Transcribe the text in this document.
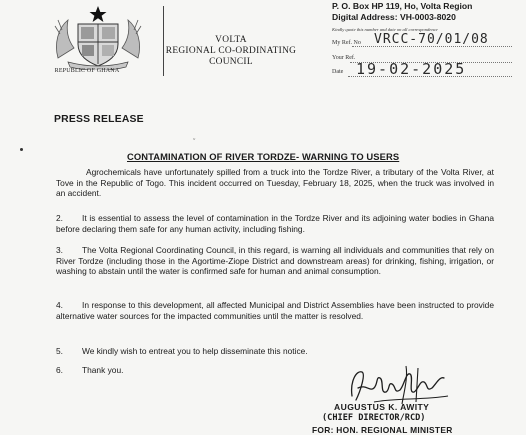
REPUBLIC OF GHANA
VOLTA
REGIONAL CO-ORDINATING
COUNCIL
P. O. Box HP 119, Ho, Volta Region
Digital Address: VH-0003-8020
Kindly quote this number and date on all correspondence
My Ref. No VRCC-70/01/08
Your Ref.
Date 19-02-2025
PRESS RELEASE
ˇ
CONTAMINATION OF RIVER TORDZE- WARNING TO USERS
Agrochemicals have unfortunately spilled from a truck into the Tordze River, a tributary of the Volta River, at Tove in the Republic of Togo. This incident occurred on Tuesday, February 18, 2025, when the truck was involved in an accident.
2. It is essential to assess the level of contamination in the Tordze River and its adjoining water bodies in Ghana before declaring them safe for any human activity, including fishing.
3. The Volta Regional Coordinating Council, in this regard, is warning all individuals and communities that rely on River Tordze (including those in the Agortime-Ziope District and downstream areas) for drinking, fishing, irrigation, or washing to abstain until the water is confirmed safe for human and animal consumption.
4. In response to this development, all affected Municipal and District Assemblies have been instructed to provide alternative water sources for the impacted communities until the matter is resolved.
5. We kindly wish to entreat you to help disseminate this notice.
6. Thank you.
AUGUSTUS K. AWITY
(CHIEF DIRECTOR/RCD)
FOR: HON. REGIONAL MINISTER
